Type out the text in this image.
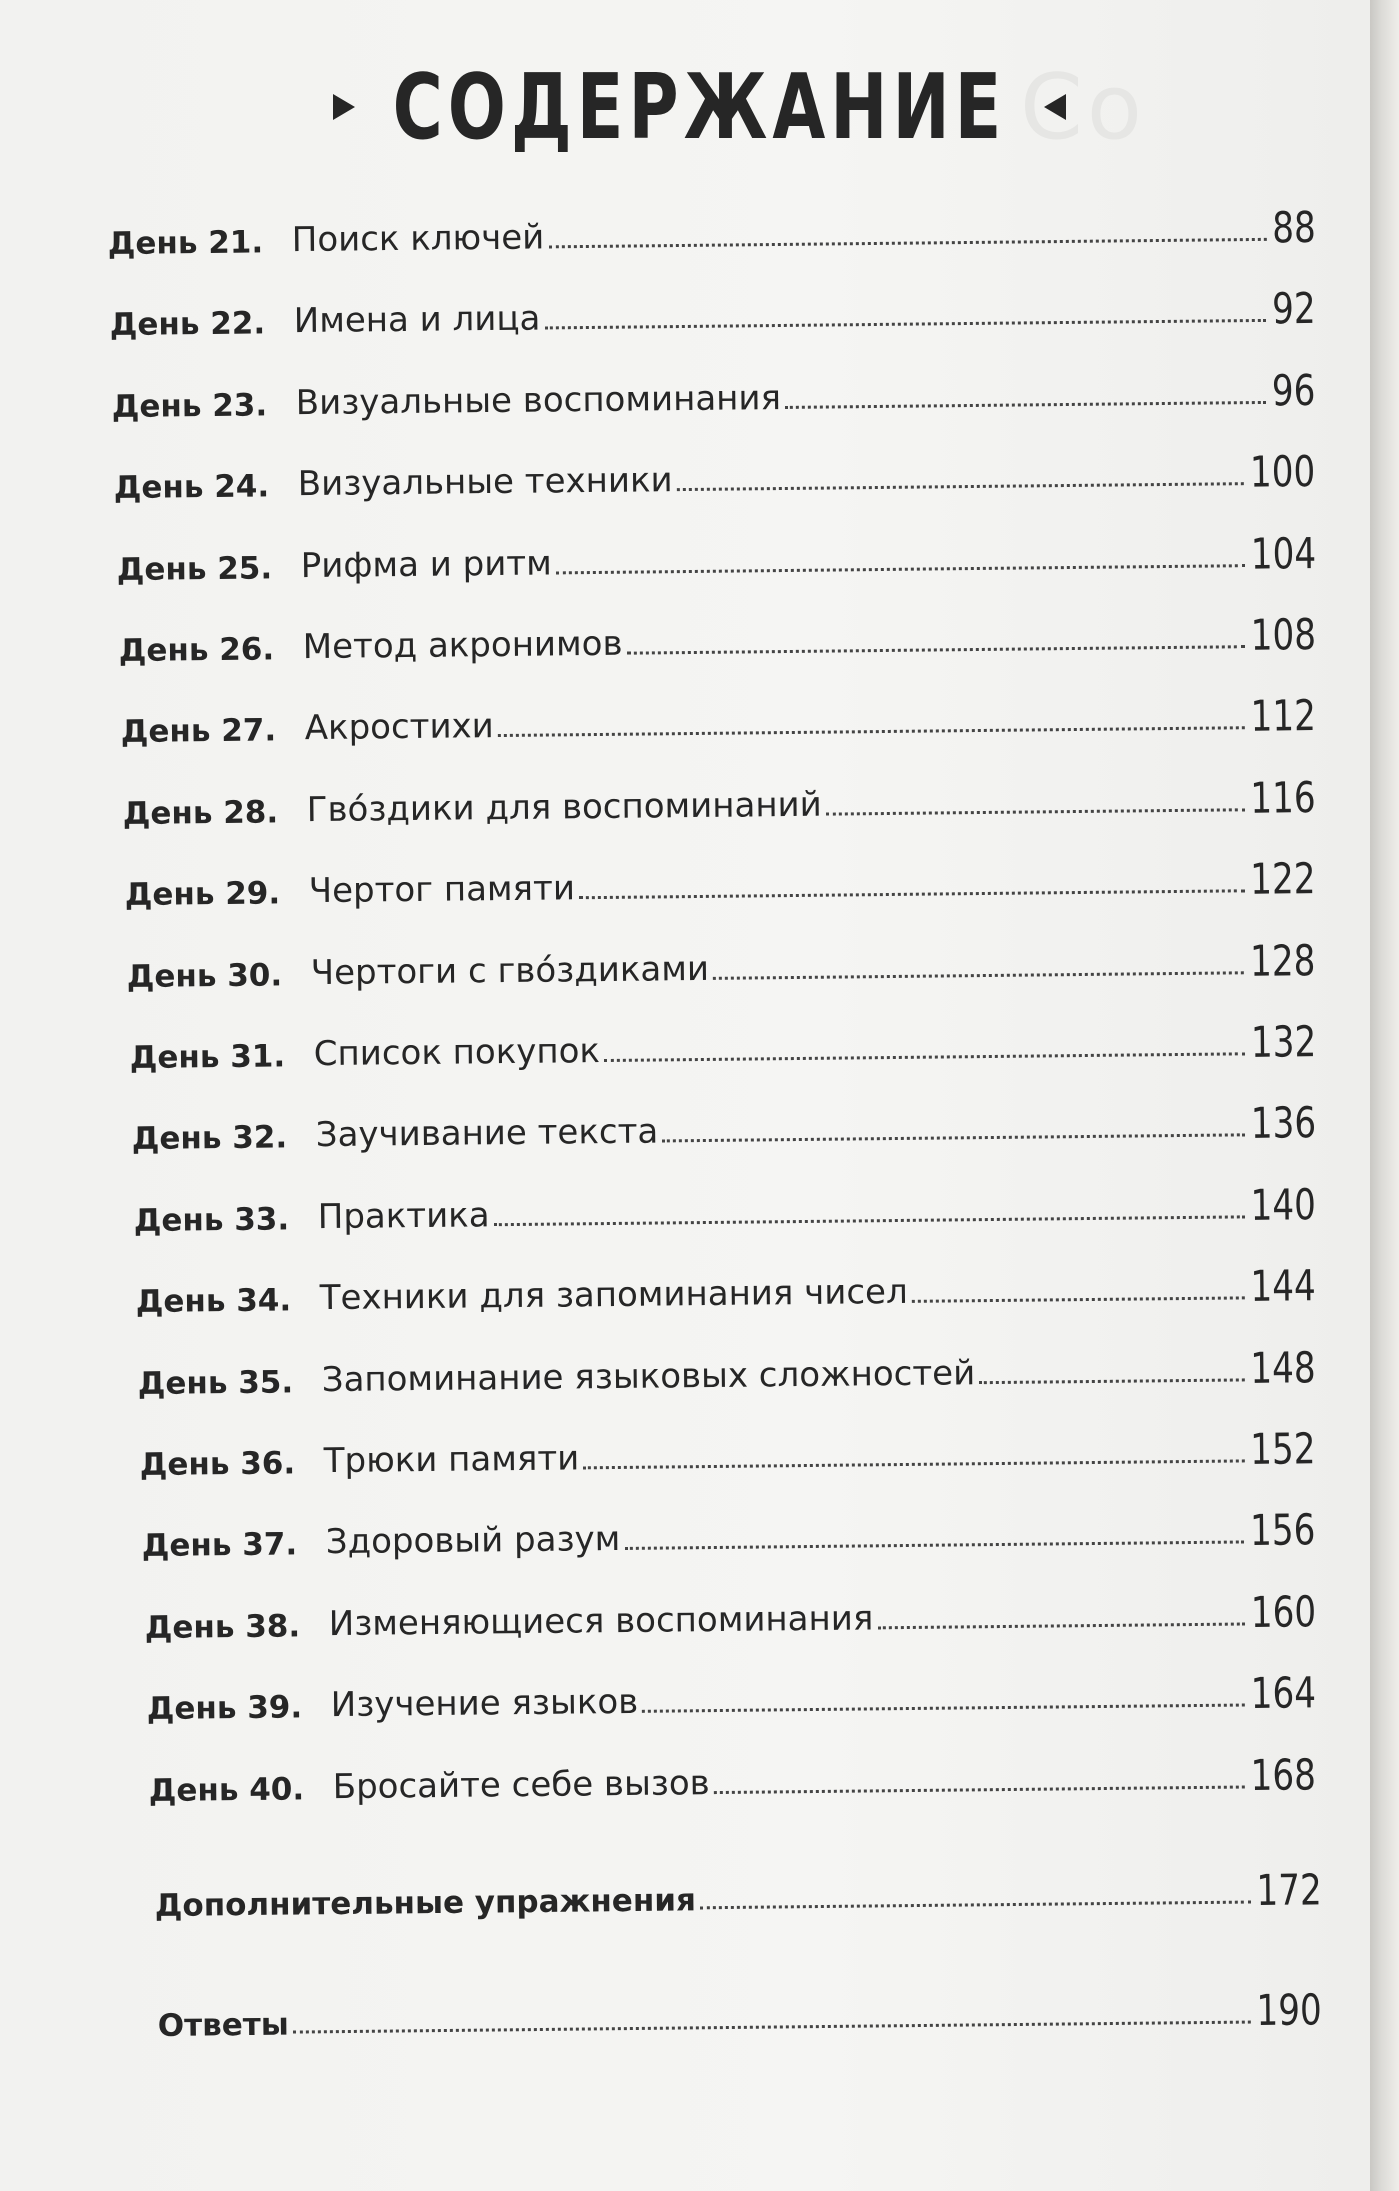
Со
СОДЕРЖАНИЕ
День 21. Поиск ключей	88
День 22. Имена и лица	92
День 23. Визуальные воспоминания	96
День 24. Визуальные техники	100
День 25. Рифма и ритм	104
День 26. Метод акронимов	108
День 27. Акростихи	112
День 28. Гвóздики для воспоминаний	116
День 29. Чертог памяти	122
День 30. Чертоги с гвóздиками	128
День 31. Список покупок	132
День 32. Заучивание текста	136
День 33. Практика	140
День 34. Техники для запоминания чисел	144
День 35. Запоминание языковых сложностей	148
День 36. Трюки памяти	152
День 37. Здоровый разум	156
День 38. Изменяющиеся воспоминания	160
День 39. Изучение языков	164
День 40. Бросайте себе вызов	168
Дополнительные упражнения	172
Ответы	190
